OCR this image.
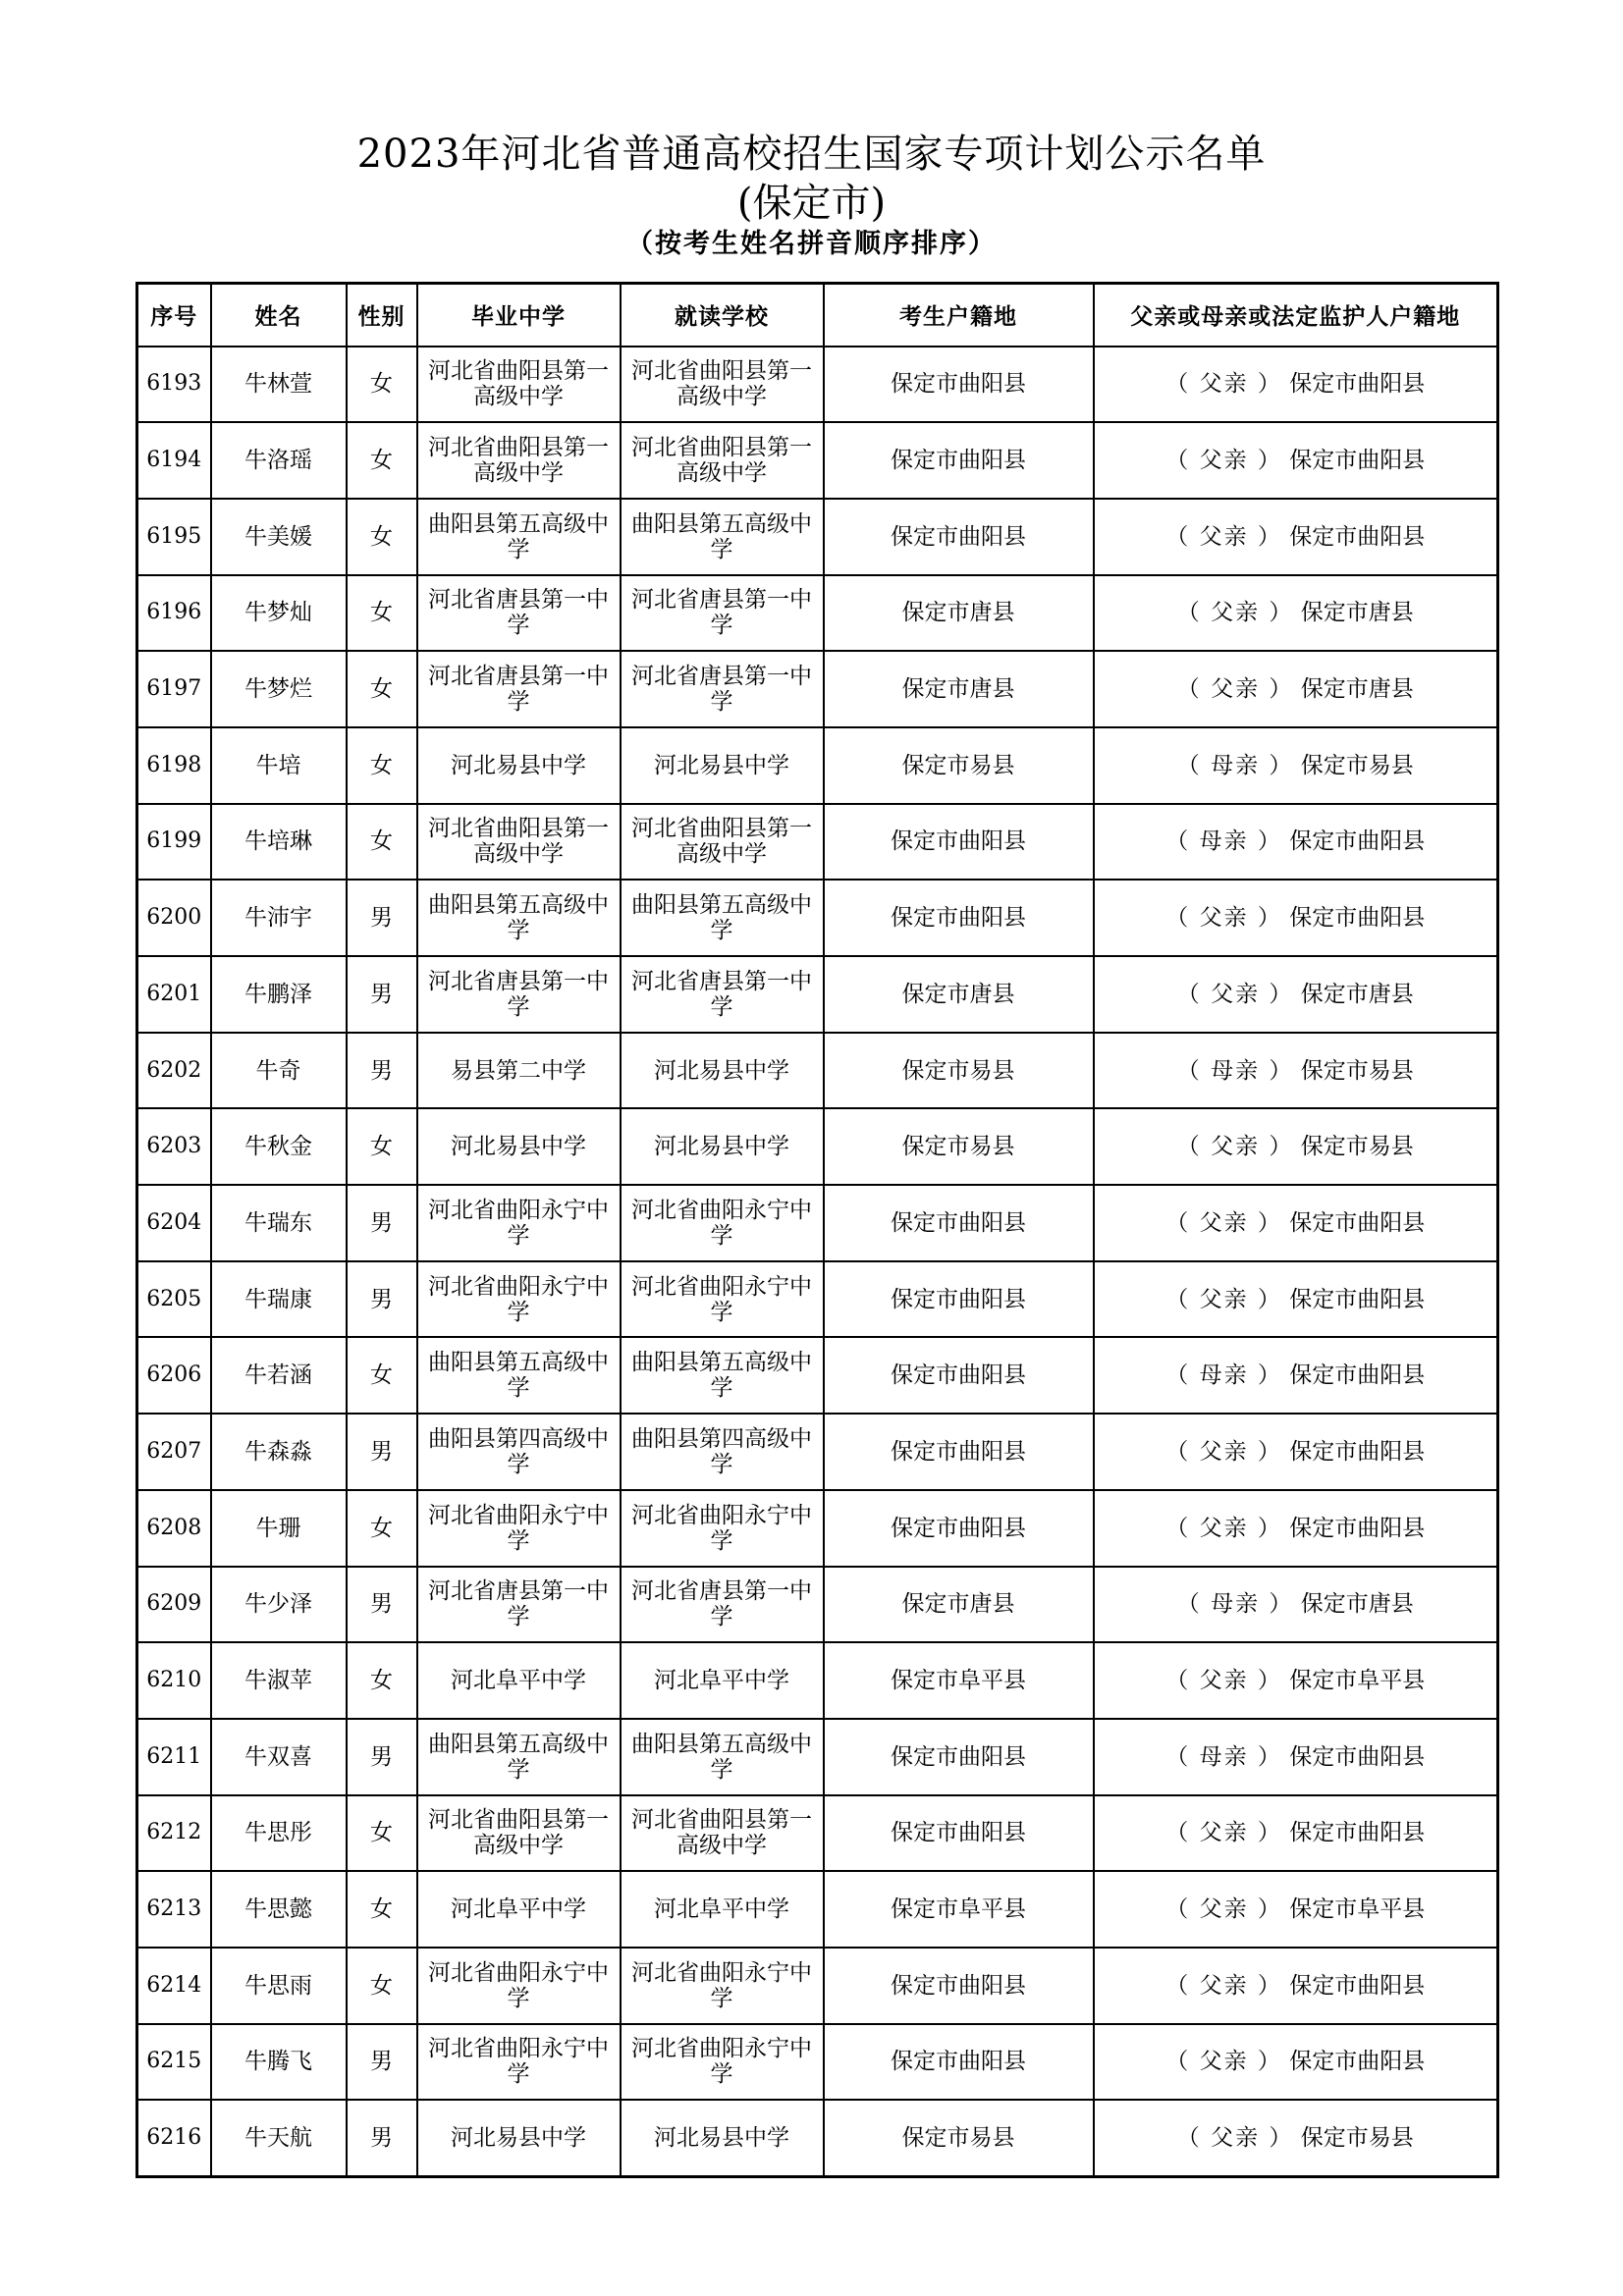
2023年河北省普通高校招生国家专项计划公示名单
(保定市)
（按考生姓名拼音顺序排序）
序号	姓名	性别	毕业中学	就读学校	考生户籍地	父亲或母亲或法定监护人户籍地
6193	牛林萱	女	河北省曲阳县第一高级中学	河北省曲阳县第一高级中学	保定市曲阳县	（ 父亲 ） 保定市曲阳县
6194	牛洛瑶	女	河北省曲阳县第一高级中学	河北省曲阳县第一高级中学	保定市曲阳县	（ 父亲 ） 保定市曲阳县
6195	牛美媛	女	曲阳县第五高级中学	曲阳县第五高级中学	保定市曲阳县	（ 父亲 ） 保定市曲阳县
6196	牛梦灿	女	河北省唐县第一中学	河北省唐县第一中学	保定市唐县	（ 父亲 ） 保定市唐县
6197	牛梦烂	女	河北省唐县第一中学	河北省唐县第一中学	保定市唐县	（ 父亲 ） 保定市唐县
6198	牛培	女	河北易县中学	河北易县中学	保定市易县	（ 母亲 ） 保定市易县
6199	牛培琳	女	河北省曲阳县第一高级中学	河北省曲阳县第一高级中学	保定市曲阳县	（ 母亲 ） 保定市曲阳县
6200	牛沛宇	男	曲阳县第五高级中学	曲阳县第五高级中学	保定市曲阳县	（ 父亲 ） 保定市曲阳县
6201	牛鹏泽	男	河北省唐县第一中学	河北省唐县第一中学	保定市唐县	（ 父亲 ） 保定市唐县
6202	牛奇	男	易县第二中学	河北易县中学	保定市易县	（ 母亲 ） 保定市易县
6203	牛秋金	女	河北易县中学	河北易县中学	保定市易县	（ 父亲 ） 保定市易县
6204	牛瑞东	男	河北省曲阳永宁中学	河北省曲阳永宁中学	保定市曲阳县	（ 父亲 ） 保定市曲阳县
6205	牛瑞康	男	河北省曲阳永宁中学	河北省曲阳永宁中学	保定市曲阳县	（ 父亲 ） 保定市曲阳县
6206	牛若涵	女	曲阳县第五高级中学	曲阳县第五高级中学	保定市曲阳县	（ 母亲 ） 保定市曲阳县
6207	牛森淼	男	曲阳县第四高级中学	曲阳县第四高级中学	保定市曲阳县	（ 父亲 ） 保定市曲阳县
6208	牛珊	女	河北省曲阳永宁中学	河北省曲阳永宁中学	保定市曲阳县	（ 父亲 ） 保定市曲阳县
6209	牛少泽	男	河北省唐县第一中学	河北省唐县第一中学	保定市唐县	（ 母亲 ） 保定市唐县
6210	牛淑苹	女	河北阜平中学	河北阜平中学	保定市阜平县	（ 父亲 ） 保定市阜平县
6211	牛双喜	男	曲阳县第五高级中学	曲阳县第五高级中学	保定市曲阳县	（ 母亲 ） 保定市曲阳县
6212	牛思彤	女	河北省曲阳县第一高级中学	河北省曲阳县第一高级中学	保定市曲阳县	（ 父亲 ） 保定市曲阳县
6213	牛思懿	女	河北阜平中学	河北阜平中学	保定市阜平县	（ 父亲 ） 保定市阜平县
6214	牛思雨	女	河北省曲阳永宁中学	河北省曲阳永宁中学	保定市曲阳县	（ 父亲 ） 保定市曲阳县
6215	牛腾飞	男	河北省曲阳永宁中学	河北省曲阳永宁中学	保定市曲阳县	（ 父亲 ） 保定市曲阳县
6216	牛天航	男	河北易县中学	河北易县中学	保定市易县	（ 父亲 ） 保定市易县
